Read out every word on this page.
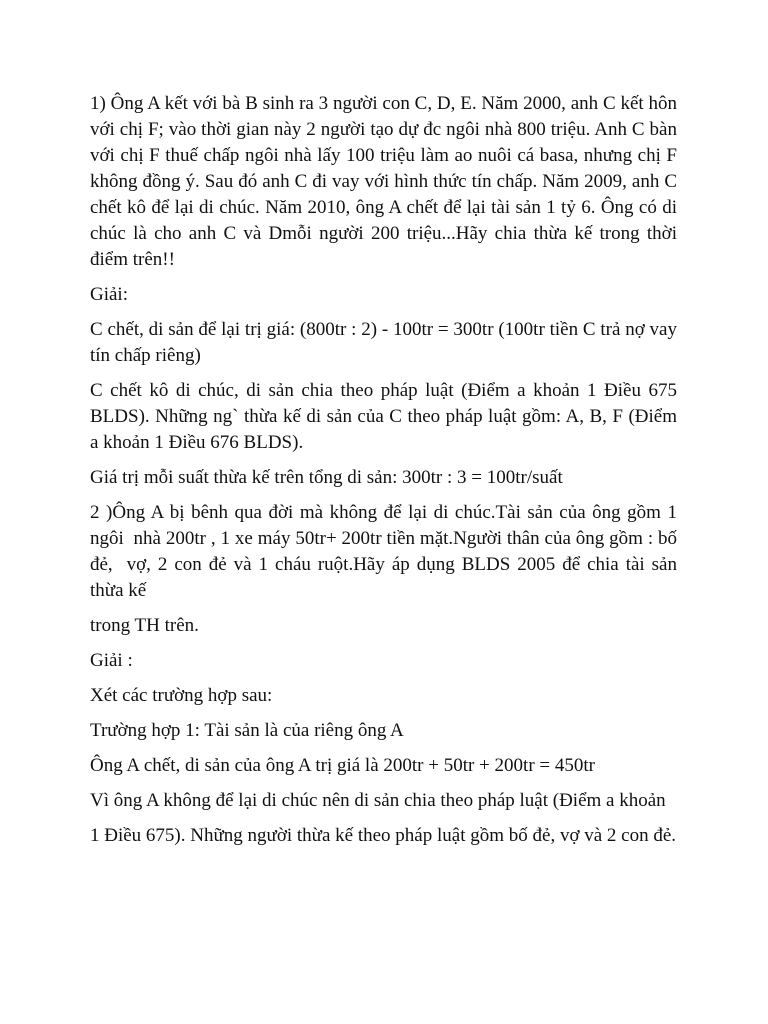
1) Ông A kết với bà B sinh ra 3 người con C, D, E. Năm 2000, anh C kết hôn  với chị F; vào thời gian này 2 người tạo dự đc ngôi nhà 800 triệu. Anh C bàn với chị F thuế chấp ngôi nhà lấy 100 triệu làm ao nuôi cá basa, nhưng chị F  không đồng ý. Sau đó anh C đi vay với hình thức tín chấp. Năm 2009, anh C chết kô để lại di chúc. Năm 2010, ông A chết để lại tài sản 1 tỷ 6. Ông có di chúc là cho anh C và Dmỗi người 200 triệu...Hãy chia thừa kế trong thời điểm trên!!

Giải:

C chết, di sản để lại trị giá: (800tr : 2) - 100tr = 300tr (100tr tiền C trả nợ vay tín chấp riêng)

C chết kô di chúc, di sản chia theo pháp luật (Điểm a khoản 1 Điều 675 BLDS). Những ng` thừa kế di sản của C theo pháp luật gồm: A, B, F (Điểm a khoản 1 Điều 676 BLDS).

Giá trị mỗi suất thừa kế trên tổng di sản: 300tr : 3 = 100tr/suất

2 )Ông A bị bênh qua đời mà không để lại di chúc.Tài sản của ông gồm 1 ngôi  nhà 200tr , 1 xe máy 50tr+ 200tr tiền mặt.Người thân của ông gồm : bố đẻ,  vợ, 2 con đẻ và 1 cháu ruột.Hãy áp dụng BLDS 2005 để chia tài sản thừa kế

trong TH trên.

Giải :

Xét các trường hợp sau:

Trường hợp 1: Tài sản là của riêng ông A

Ông A chết, di sản của ông A trị giá là 200tr + 50tr + 200tr = 450tr

Vì ông A không để lại di chúc nên di sản chia theo pháp luật (Điểm a khoản

1 Điều 675). Những người thừa kế theo pháp luật gồm bố đẻ, vợ và 2 con đẻ.
